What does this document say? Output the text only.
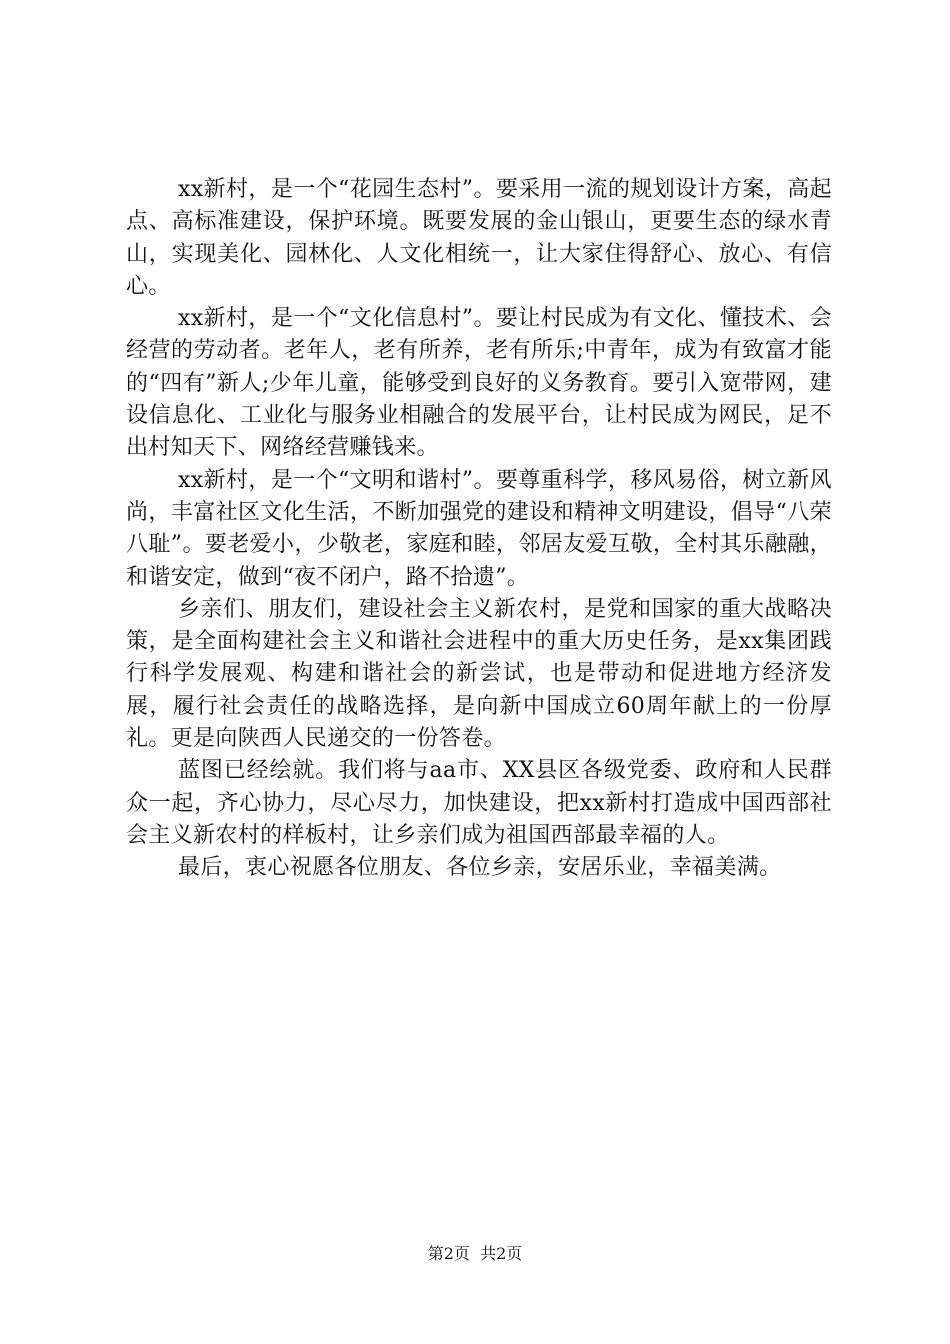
xx新村，是一个“花园生态村”。要采用一流的规划设计方案，高起点、高标准建设，保护环境。既要发展的金山银山，更要生态的绿水青山，实现美化、园林化、人文化相统一，让大家住得舒心、放心、有信心。

xx新村，是一个“文化信息村”。要让村民成为有文化、懂技术、会经营的劳动者。老年人，老有所养，老有所乐;中青年，成为有致富才能的“四有”新人;少年儿童，能够受到良好的义务教育。要引入宽带网，建设信息化、工业化与服务业相融合的发展平台，让村民成为网民，足不出村知天下、网络经营赚钱来。

xx新村，是一个“文明和谐村”。要尊重科学，移风易俗，树立新风尚，丰富社区文化生活，不断加强党的建设和精神文明建设，倡导“八荣八耻”。要老爱小，少敬老，家庭和睦，邻居友爱互敬，全村其乐融融，和谐安定，做到“夜不闭户，路不拾遗”。

乡亲们、朋友们，建设社会主义新农村，是党和国家的重大战略决策，是全面构建社会主义和谐社会进程中的重大历史任务，是xx集团践行科学发展观、构建和谐社会的新尝试，也是带动和促进地方经济发展，履行社会责任的战略选择，是向新中国成立60周年献上的一份厚礼。更是向陕西人民递交的一份答卷。

蓝图已经绘就。我们将与aa市、XX县区各级党委、政府和人民群众一起，齐心协力，尽心尽力，加快建设，把xx新村打造成中国西部社会主义新农村的样板村，让乡亲们成为祖国西部最幸福的人。

最后，衷心祝愿各位朋友、各位乡亲，安居乐业，幸福美满。

第2页  共2页
